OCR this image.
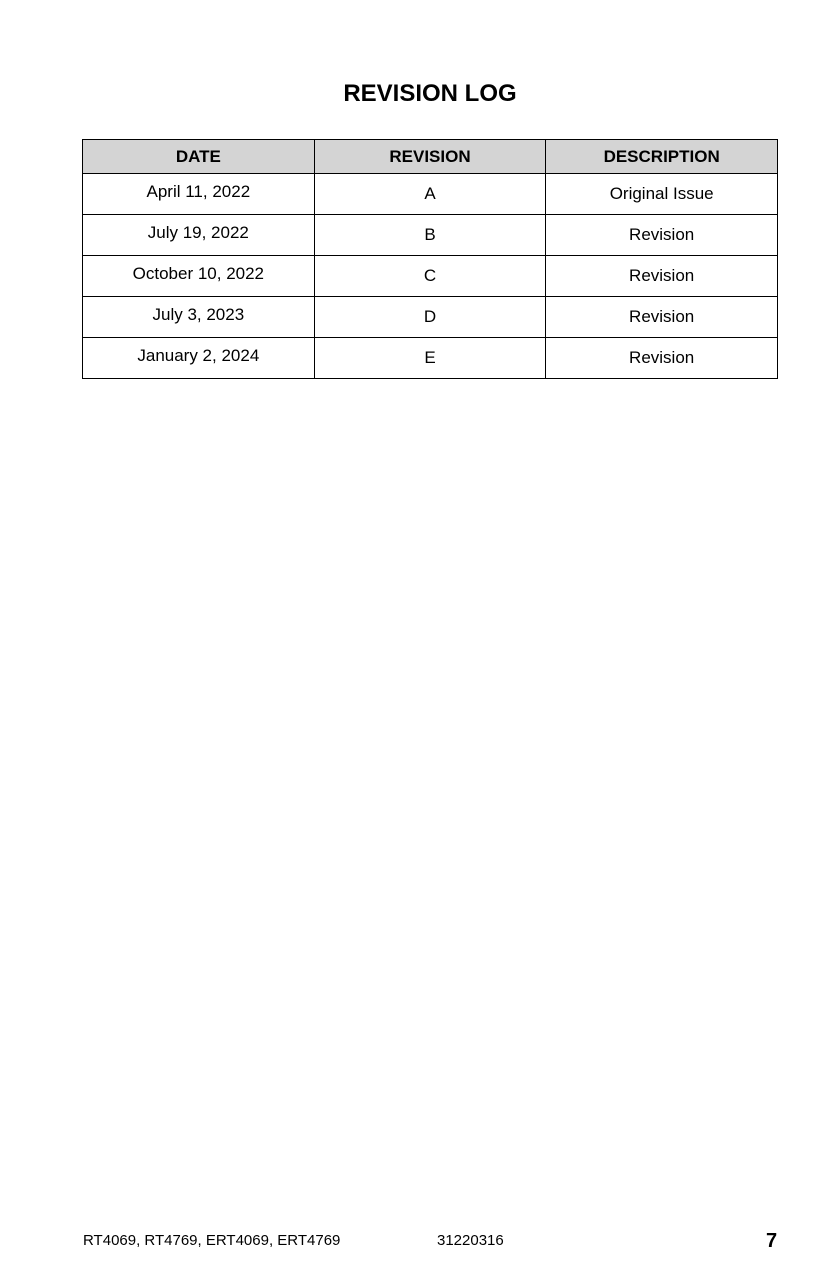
REVISION LOG
DATE	REVISION	DESCRIPTION
April 11, 2022	A	Original Issue
July 19, 2022	B	Revision
October 10, 2022	C	Revision
July 3, 2023	D	Revision
January 2, 2024	E	Revision
RT4069, RT4769, ERT4069, ERT4769	31220316	7
